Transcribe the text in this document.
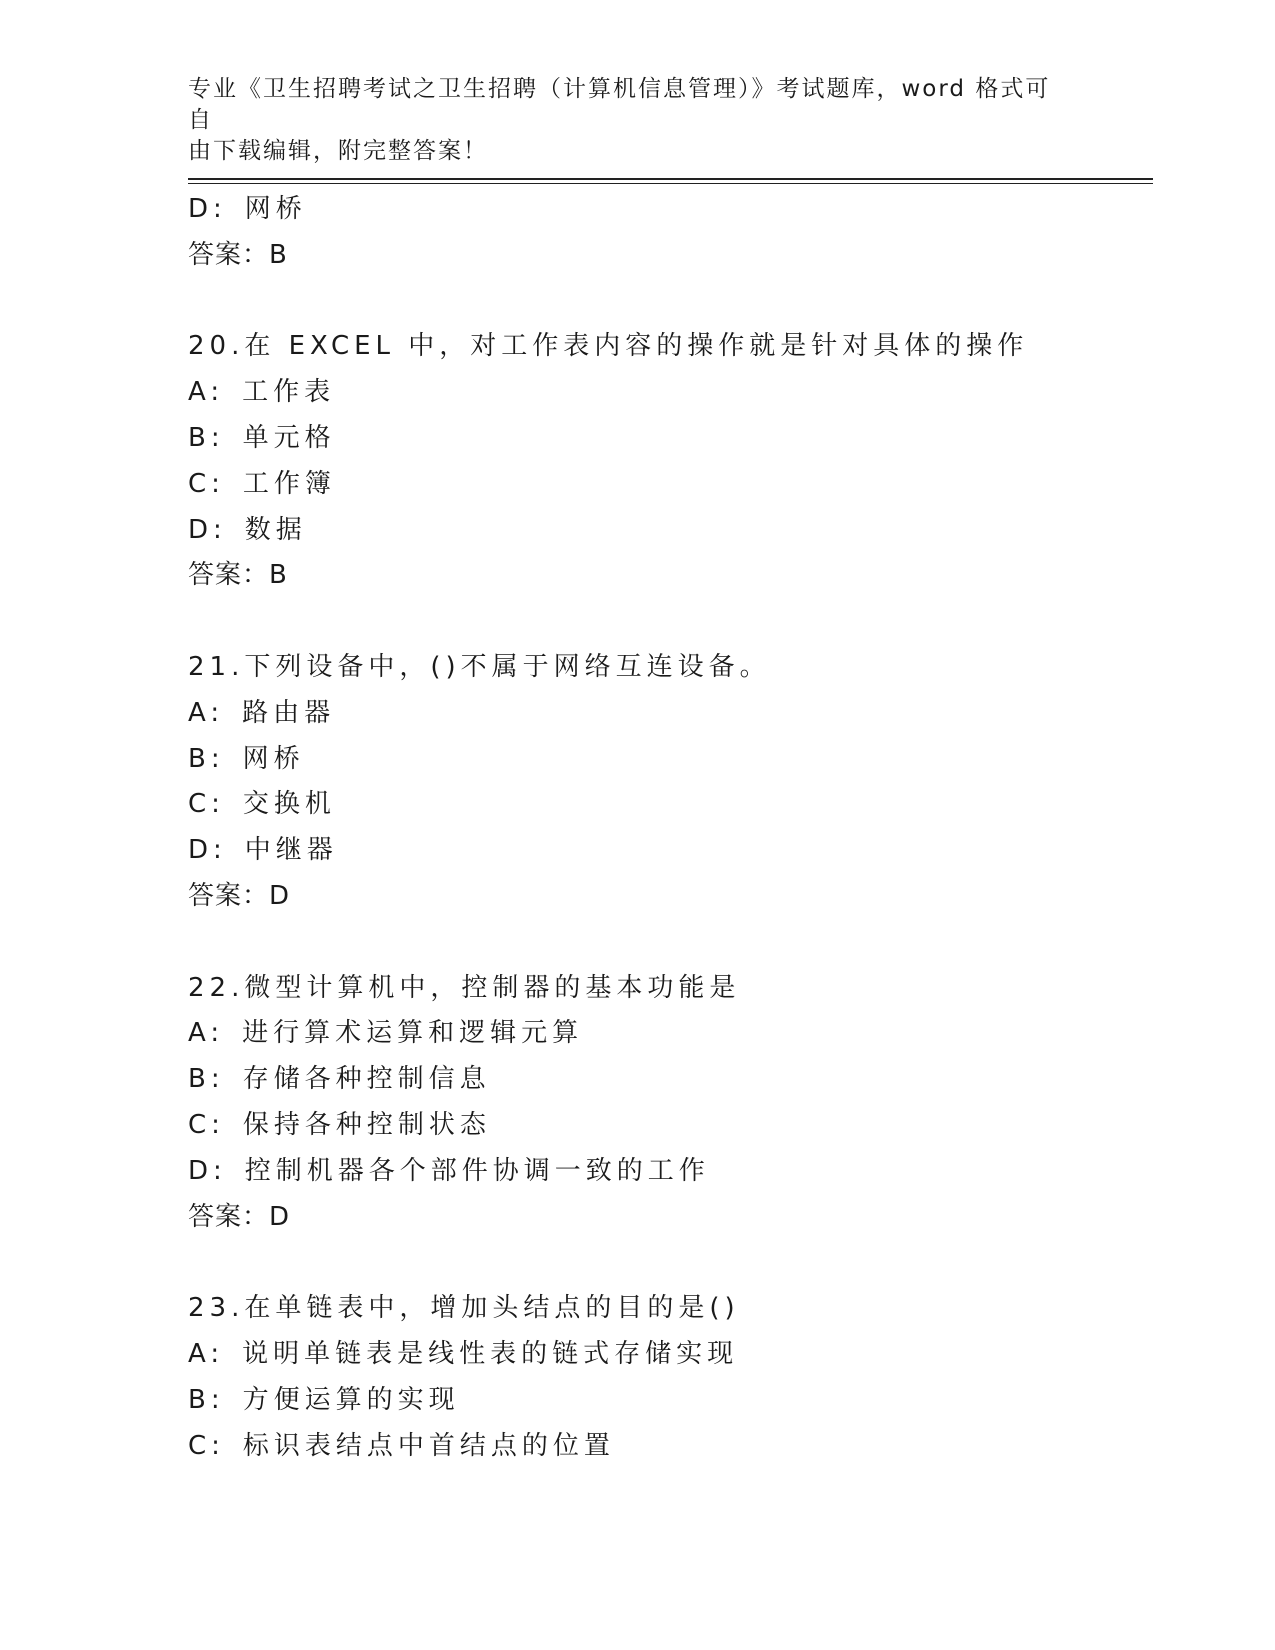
专业《卫生招聘考试之卫生招聘（计算机信息管理）》考试题库，word 格式可自
由下载编辑，附完整答案！
D: 网桥
答案：B
20.在 EXCEL 中，对工作表内容的操作就是针对具体的操作
A: 工作表
B: 单元格
C: 工作簿
D: 数据
答案：B
21.下列设备中，()不属于网络互连设备。
A: 路由器
B: 网桥
C: 交换机
D: 中继器
答案：D
22.微型计算机中，控制器的基本功能是
A: 进行算术运算和逻辑元算
B: 存储各种控制信息
C: 保持各种控制状态
D: 控制机器各个部件协调一致的工作
答案：D
23.在单链表中，增加头结点的目的是()
A: 说明单链表是线性表的链式存储实现
B: 方便运算的实现
C: 标识表结点中首结点的位置
